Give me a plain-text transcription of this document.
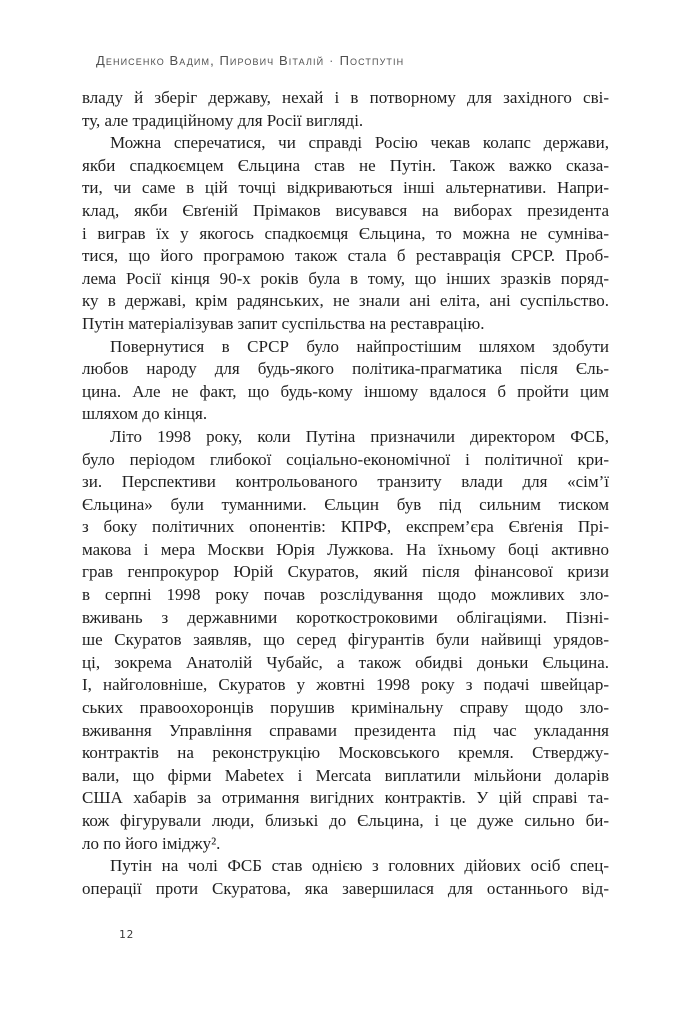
Денисенко Вадим, Пирович Віталій · Постпутін

владу й зберіг державу, нехай і в потворному для західного сві-
ту, але традиційному для Росії вигляді.

Можна сперечатися, чи справді Росію чекав колапс держави,
якби спадкоємцем Єльцина став не Путін. Також важко сказа-
ти, чи саме в цій точці відкриваються інші альтернативи. Напри-
клад, якби Євґеній Прімаков висувався на виборах президента
і виграв їх у якогось спадкоємця Єльцина, то можна не сумніва-
тися, що його програмою також стала б реставрація СРСР. Проб-
лема Росії кінця 90-х років була в тому, що інших зразків поряд-
ку в державі, крім радянських, не знали ані еліта, ані суспільство.
Путін матеріалізував запит суспільства на реставрацію.

Повернутися в СРСР було найпростішим шляхом здобути
любов народу для будь-якого політика-прагматика після Єль-
цина. Але не факт, що будь-кому іншому вдалося б пройти цим
шляхом до кінця.

Літо 1998 року, коли Путіна призначили директором ФСБ,
було періодом глибокої соціально-економічної і політичної кри-
зи. Перспективи контрольованого транзиту влади для «сім’ї
Єльцина» були туманними. Єльцин був під сильним тиском
з боку політичних опонентів: КПРФ, експрем’єра Євґенія Прі-
макова і мера Москви Юрія Лужкова. На їхньому боці активно
грав генпрокурор Юрій Скуратов, який після фінансової кризи
в серпні 1998 року почав розслідування щодо можливих зло-
вживань з державними короткостроковими облігаціями. Пізні-
ше Скуратов заявляв, що серед фігурантів були найвищі урядов-
ці, зокрема Анатолій Чубайс, а також обидві доньки Єльцина.
І, найголовніше, Скуратов у жовтні 1998 року з подачі швейцар-
ських правоохоронців порушив кримінальну справу щодо зло-
вживання Управління справами президента під час укладання
контрактів на реконструкцію Московського кремля. Стверджу-
вали, що фірми Mabetex і Mercata виплатили мільйони доларів
США хабарів за отримання вигідних контрактів. У цій справі та-
кож фігурували люди, близькі до Єльцина, і це дуже сильно би-
ло по його іміджу².

Путін на чолі ФСБ став однією з головних дійових осіб спец-
операції проти Скуратова, яка завершилася для останнього від-

12
